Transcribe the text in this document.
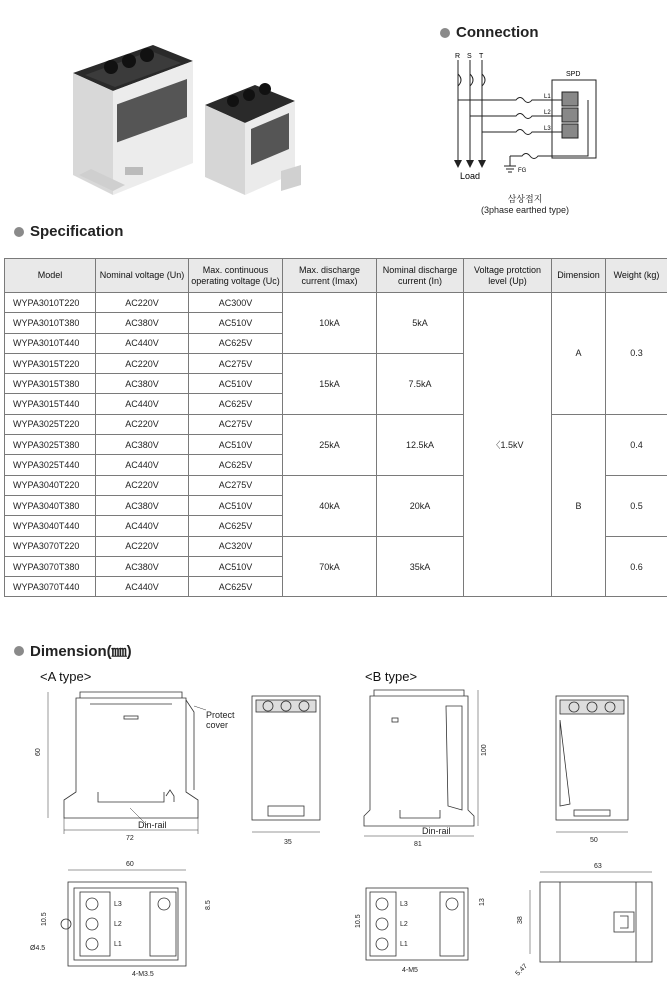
Connection
R S T
SPD
L1
L2
L3
FG
Load
삼상접지
(3phase earthed type)
Specification
Model	Nominal voltage (Un)	Max. continuous operating voltage (Uc)	Max. discharge current (Imax)	Nominal discharge current (In)	Voltage protction level (Up)	Dimension	Weight (kg)
WYPA3010T220	AC220V	AC300V	10kA	5kA	〈1.5kV	A	0.3
WYPA3010T380	AC380V	AC510V					
WYPA3010T440	AC440V	AC625V					
WYPA3015T220	AC220V	AC275V	15kA	7.5kA			
WYPA3015T380	AC380V	AC510V					
WYPA3015T440	AC440V	AC625V					
WYPA3025T220	AC220V	AC275V	25kA	12.5kA		B	0.4
WYPA3025T380	AC380V	AC510V					
WYPA3025T440	AC440V	AC625V					
WYPA3040T220	AC220V	AC275V	40kA	20kA			0.5
WYPA3040T380	AC380V	AC510V					
WYPA3040T440	AC440V	AC625V					
WYPA3070T220	AC220V	AC320V	70kA	35kA			0.6
WYPA3070T380	AC380V	AC510V					
WYPA3070T440	AC440V	AC625V					
Dimension(㎜)
<A type>	<B type>
60
72
Protect
cover
Din-rail
35
100
81
Din-rail
50
60
10.5
8.5
Ø4.5
4-M3.5
L3
L2
L1
10.5
13
4-M5
L3
L2
L1
63
38
5.47
